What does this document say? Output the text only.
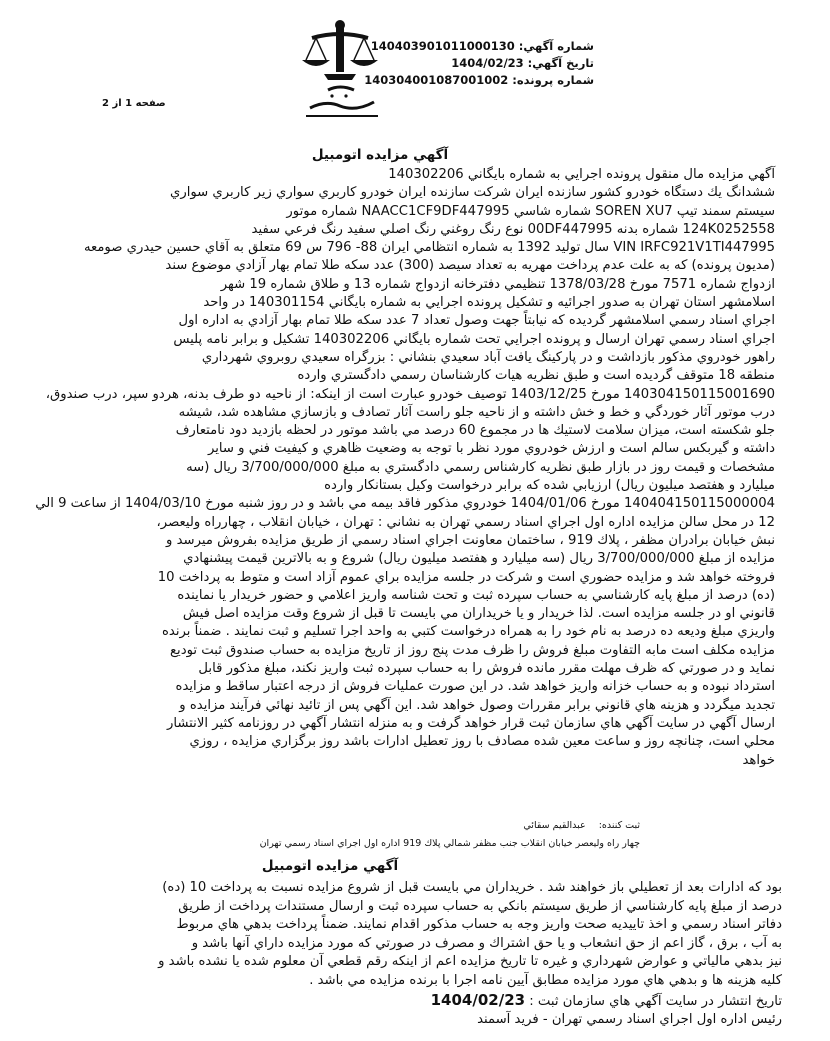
شماره آگهي: 140403901011000130
تاريخ آگهي: 1404/02/23
شماره پرونده: 140304001087001002
صفحه 1 از 2
آگهي مزايده اتومبيل
آگهي مزايده مال منقول پرونده اجرايي به شماره بايگاني 140302206
ششدانگ يك دستگاه خودرو كشور سازنده ايران شركت سازنده ايران خودرو كاربري سواري زير كاربري سواري
سيستم سمند تيپ SOREN XU7 شماره شاسي NAACC1CF9DF447995 شماره موتور
124K0252558 شماره بدنه 00DF447995 نوع رنگ روغني رنگ اصلي سفيد رنگ فرعي سفيد
VIN IRFC921V1TI447995 سال توليد 1392 به شماره انتظامي ايران 88- 796 س 69 متعلق به آقاي حسين حيدري صومعه
(مديون پرونده) كه به علت عدم پرداخت مهريه به تعداد سيصد (300) عدد سكه طلا تمام بهار آزادي موضوع سند
ازدواج شماره 7571 مورخ 1378/03/28 تنظيمي دفترخانه ازدواج شماره 13 و طلاق شماره 19 شهر
اسلامشهر استان تهران به صدور اجرائيه و تشكيل پرونده اجرايي به شماره بايگاني 140301154 در واحد
اجراي اسناد رسمي اسلامشهر گرديده كه نيابتاً جهت وصول تعداد 7 عدد سكه طلا تمام بهار آزادي به اداره اول
اجراي اسناد رسمي تهران ارسال و پرونده اجرايي تحت شماره بايگاني 140302206 تشكيل و برابر نامه پليس
راهور خودروي مذكور بازداشت و در پاركينگ يافت آباد سعيدي بنشاني : بزرگراه سعيدي روبروي شهرداري
منطقه 18 متوقف گرديده است و طبق نظريه هيات كارشناسان رسمي دادگستري وارده
140304150115001690 مورخ 1403/12/25 توصيف خودرو عبارت است از اينكه: از ناحيه دو طرف بدنه، هردو سپر، درب صندوق،
درب موتور آثار خوردگي و خط و خش داشته و از ناحيه جلو راست آثار تصادف و بازسازي مشاهده شد، شيشه
جلو شكسته است، ميزان سلامت لاستيك ها در مجموع 60 درصد مي باشد موتور در لحظه بازديد دود نامتعارف
داشته و گيربكس سالم است و ارزش خودروي مورد نظر با توجه به وضعيت ظاهري و كيفيت فني و ساير
مشخصات و قيمت روز در بازار طبق نظريه كارشناس رسمي دادگستري به مبلغ 3/700/000/000 ريال (سه
ميليارد و هفتصد ميليون ريال) ارزيابي شده كه برابر درخواست وكيل بستانكار وارده
140404150115000004 مورخ 1404/01/06 خودروي مذكور فاقد بيمه مي باشد و در روز شنبه مورخ 1404/03/10 از ساعت 9 الي
12 در محل سالن مزايده اداره اول اجراي اسناد رسمي تهران به نشاني : تهران ، خيابان انقلاب ، چهارراه وليعصر،
نبش خيابان برادران مظفر ، پلاك 919 ، ساختمان معاونت اجراي اسناد رسمي از طريق مزايده بفروش ميرسد و
مزايده از مبلغ 3/700/000/000 ريال (سه ميليارد و هفتصد ميليون ريال) شروع و به بالاترين قيمت پيشنهادي
فروخته خواهد شد و مزايده حضوري است و شركت در جلسه مزايده براي عموم آزاد است و متوط به پرداخت 10
(ده) درصد از مبلغ پايه كارشناسي به حساب سپرده ثبت و تحت شناسه واريز اعلامي و حضور خريدار يا نماينده
قانوني او در جلسه مزايده است. لذا خريدار و يا خريداران مي بايست تا قبل از شروع وقت مزايده اصل فيش
واريزي مبلغ وديعه ده درصد به نام خود را به همراه درخواست كتبي به واحد اجرا تسليم و ثبت نمايند . ضمناً برنده
مزايده مكلف است مابه التفاوت مبلغ فروش را ظرف مدت پنج روز از تاريخ مزايده به حساب صندوق ثبت توديع
نمايد و در صورتي كه ظرف مهلت مقرر مانده فروش را به حساب سپرده ثبت واريز نكند، مبلغ مذكور قابل
استرداد نبوده و به حساب خزانه واريز خواهد شد. در اين صورت عمليات فروش از درجه اعتبار ساقط و مزايده
تجديد ميگردد و هزينه هاي قانوني برابر مقررات وصول خواهد شد. اين آگهي پس از تائيد نهائي فرآيند مزايده و
ارسال آگهي در سايت آگهي هاي سازمان ثبت قرار خواهد گرفت و به منزله انتشار آگهي در روزنامه كثير الانتشار
محلي است، چنانچه روز و ساعت معين شده مصادف با روز تعطيل ادارات باشد روز برگزاري مزايده ، روزي
خواهد
ثبت كننده: عبدالقيم سقائي
چهار راه وليعصر خيابان انقلاب جنب مظفر شمالي پلاك 919 اداره اول اجراي اسناد رسمي تهران
آگهي مزايده اتومبيل
بود كه ادارات بعد از تعطيلي باز خواهند شد . خريداران مي بايست قبل از شروع مزايده نسبت به پرداخت 10 (ده)
درصد از مبلغ پايه كارشناسي از طريق سيستم بانكي به حساب سپرده ثبت و ارسال مستندات پرداخت از طريق
دفاتر اسناد رسمي و اخذ تاييديه صحت واريز وجه به حساب مذكور اقدام نمايند. ضمناً پرداخت بدهي هاي مربوط
به آب ، برق ، گاز اعم از حق انشعاب و يا حق اشتراك و مصرف در صورتي كه مورد مزايده داراي آنها باشد و
نيز بدهي مالياتي و عوارض شهرداري و غيره تا تاريخ مزايده اعم از اينكه رقم قطعي آن معلوم شده يا نشده باشد و
كليه هزينه ها و بدهي هاي مورد مزايده مطابق آيين نامه اجرا با برنده مزايده مي باشد .
تاريخ انتشار در سايت آگهي هاي سازمان ثبت : 1404/02/23
رئيس اداره اول اجراي اسناد رسمي تهران - فريد آسمند
